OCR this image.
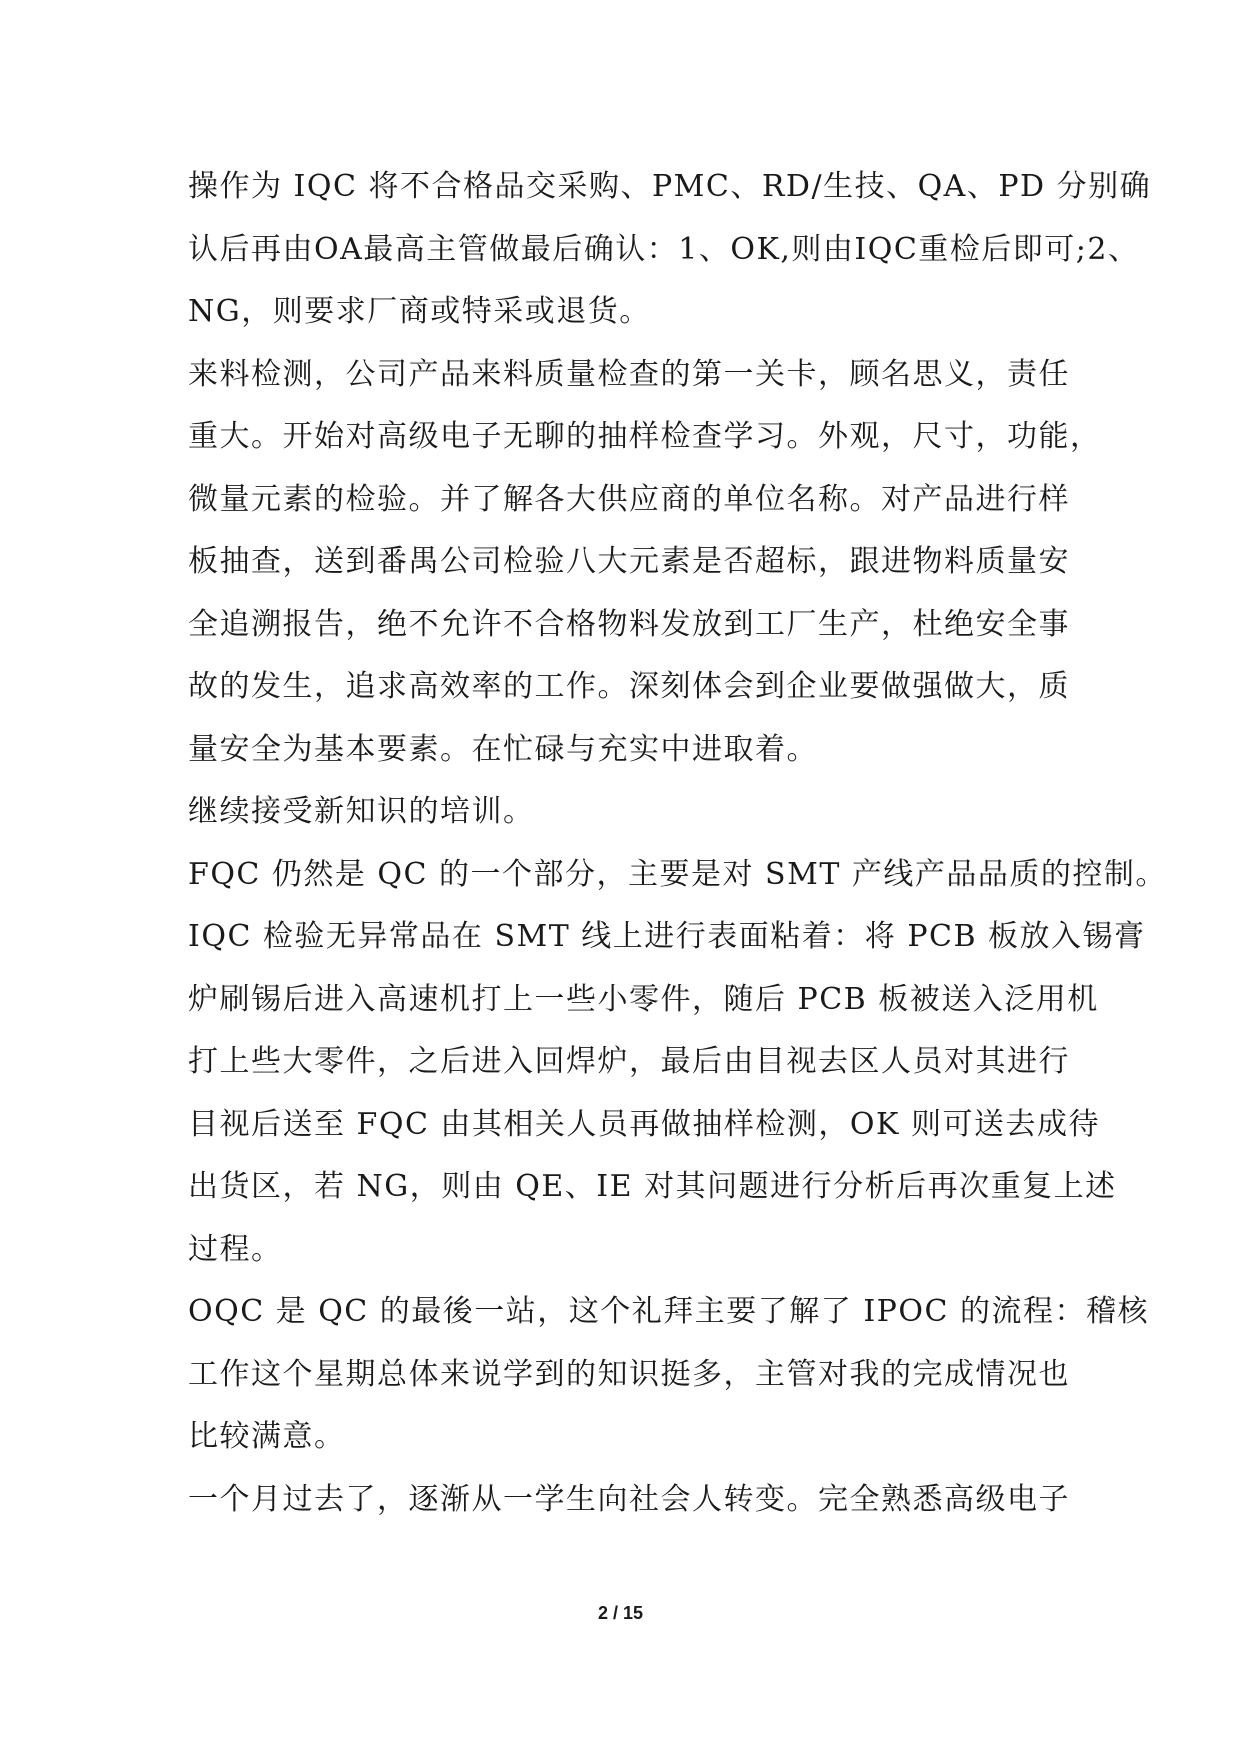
操作为 IQC 将不合格品交采购、PMC、RD/生技、QA、PD 分别确
认后再由OA最高主管做最后确认：1、OK,则由IQC重检后即可;2、
NG，则要求厂商或特采或退货。
来料检测，公司产品来料质量检查的第一关卡，顾名思义，责任
重大。开始对高级电子无聊的抽样检查学习。外观，尺寸，功能，
微量元素的检验。并了解各大供应商的单位名称。对产品进行样
板抽查，送到番禺公司检验八大元素是否超标，跟进物料质量安
全追溯报告，绝不允许不合格物料发放到工厂生产，杜绝安全事
故的发生，追求高效率的工作。深刻体会到企业要做强做大，质
量安全为基本要素。在忙碌与充实中进取着。
继续接受新知识的培训。
FQC 仍然是 QC 的一个部分，主要是对 SMT 产线产品品质的控制。
IQC 检验无异常品在 SMT 线上进行表面粘着：将 PCB 板放入锡膏
炉刷锡后进入高速机打上一些小零件，随后 PCB 板被送入泛用机
打上些大零件，之后进入回焊炉，最后由目视去区人员对其进行
目视后送至 FQC 由其相关人员再做抽样检测，OK 则可送去成待
出货区，若 NG，则由 QE、IE 对其问题进行分析后再次重复上述
过程。
OQC 是 QC 的最後一站，这个礼拜主要了解了 IPOC 的流程：稽核
工作这个星期总体来说学到的知识挺多，主管对我的完成情况也
比较满意。
一个月过去了，逐渐从一学生向社会人转变。完全熟悉高级电子
2 / 15
